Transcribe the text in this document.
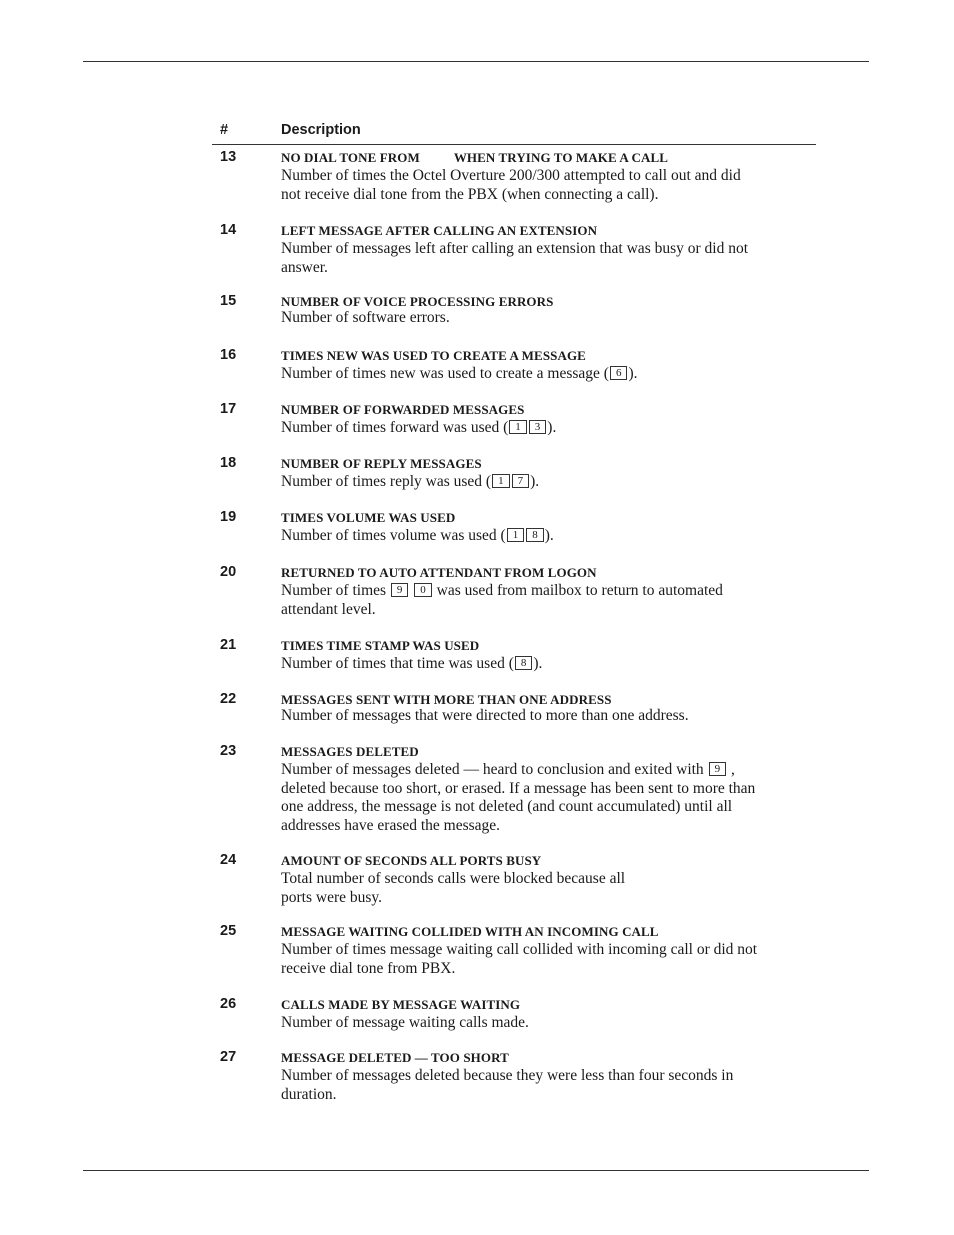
#	Description
13	NO DIAL TONE FROM	WHEN TRYING TO MAKE A CALL
Number of times the Octel Overture 200/300 attempted to call out and did
not receive dial tone from the PBX (when connecting a call).
14	LEFT MESSAGE AFTER CALLING AN EXTENSION
Number of messages left after calling an extension that was busy or did not
answer.
15	NUMBER OF VOICE PROCESSING ERRORS
Number of software errors.
16	TIMES NEW WAS USED TO CREATE A MESSAGE
Number of times new was used to create a message ( 6 ).
17	NUMBER OF FORWARDED MESSAGES
Number of times forward was used ( 1 3 ).
18	NUMBER OF REPLY MESSAGES
Number of times reply was used ( 1 7 ).
19	TIMES VOLUME WAS USED
Number of times volume was used ( 1 8 ).
20	RETURNED TO AUTO ATTENDANT FROM LOGON
Number of times 9 0 was used from mailbox to return to automated
attendant level.
21	TIMES TIME STAMP WAS USED
Number of times that time was used ( 8 ).
22	MESSAGES SENT WITH MORE THAN ONE ADDRESS
Number of messages that were directed to more than one address.
23	MESSAGES DELETED
Number of messages deleted — heard to conclusion and exited with 9 ,
deleted because too short, or erased. If a message has been sent to more than
one address, the message is not deleted (and count accumulated) until all
addresses have erased the message.
24	AMOUNT OF SECONDS ALL PORTS BUSY
Total number of seconds calls were blocked because all
ports were busy.
25	MESSAGE WAITING COLLIDED WITH AN INCOMING CALL
Number of times message waiting call collided with incoming call or did not
receive dial tone from PBX.
26	CALLS MADE BY MESSAGE WAITING
Number of message waiting calls made.
27	MESSAGE DELETED — TOO SHORT
Number of messages deleted because they were less than four seconds in
duration.
